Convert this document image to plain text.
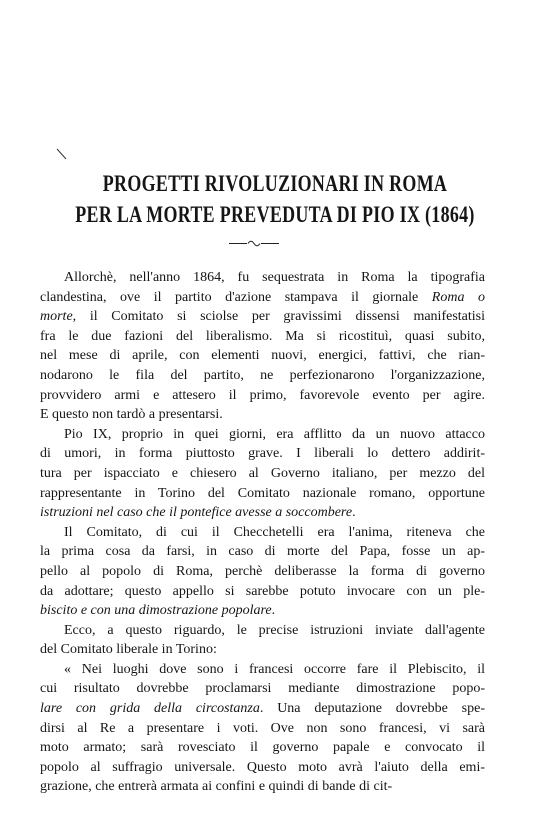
PROGETTI RIVOLUZIONARI IN ROMA
PER LA MORTE PREVEDUTA DI PIO IX (1864)
Allorchè, nell'anno 1864, fu sequestrata in Roma la tipografia
clandestina, ove il partito d'azione stampava il giornale Roma o
morte, il Comitato si sciolse per gravissimi dissensi manifestatisi
fra le due fazioni del liberalismo. Ma si ricostituì, quasi subito,
nel mese di aprile, con elementi nuovi, energici, fattivi, che rian-
nodarono le fila del partito, ne perfezionarono l'organizzazione,
provvidero armi e attesero il primo, favorevole evento per agire.
E questo non tardò a presentarsi.
Pio IX, proprio in quei giorni, era afflitto da un nuovo attacco
di umori, in forma piuttosto grave. I liberali lo dettero addirit-
tura per ispacciato e chiesero al Governo italiano, per mezzo del
rappresentante in Torino del Comitato nazionale romano, opportune
istruzioni nel caso che il pontefice avesse a soccombere.
Il Comitato, di cui il Checchetelli era l'anima, riteneva che
la prima cosa da farsi, in caso di morte del Papa, fosse un ap-
pello al popolo di Roma, perchè deliberasse la forma di governo
da adottare; questo appello si sarebbe potuto invocare con un ple-
biscito e con una dimostrazione popolare.
Ecco, a questo riguardo, le precise istruzioni inviate dall'agente
del Comitato liberale in Torino:
« Nei luoghi dove sono i francesi occorre fare il Plebiscito, il
cui risultato dovrebbe proclamarsi mediante dimostrazione popo-
lare con grida della circostanza. Una deputazione dovrebbe spe-
dirsi al Re a presentare i voti. Ove non sono francesi, vi sarà
moto armato; sarà rovesciato il governo papale e convocato il
popolo al suffragio universale. Questo moto avrà l'aiuto della emi-
grazione, che entrerà armata ai confini e quindi di bande di cit-
